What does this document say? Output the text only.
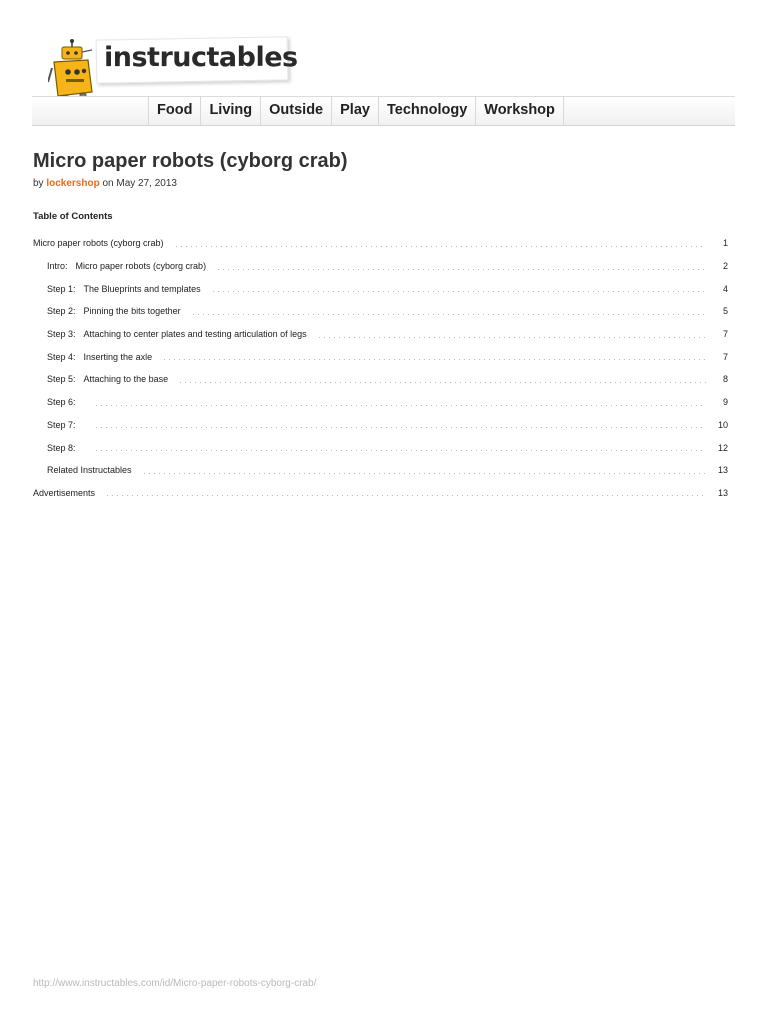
instructables
Food	Living	Outside	Play	Technology	Workshop
Micro paper robots (cyborg crab)
by lockershop on May 27, 2013
Table of Contents
Micro paper robots (cyborg crab)	1
Intro: Micro paper robots (cyborg crab)	2
Step 1: The Blueprints and templates	4
Step 2: Pinning the bits together	5
Step 3: Attaching to center plates and testing articulation of legs	7
Step 4: Inserting the axle	7
Step 5: Attaching to the base	8
Step 6:	9
Step 7:	10
Step 8:	12
Related Instructables	13
Advertisements	13
http://www.instructables.com/id/Micro-paper-robots-cyborg-crab/
